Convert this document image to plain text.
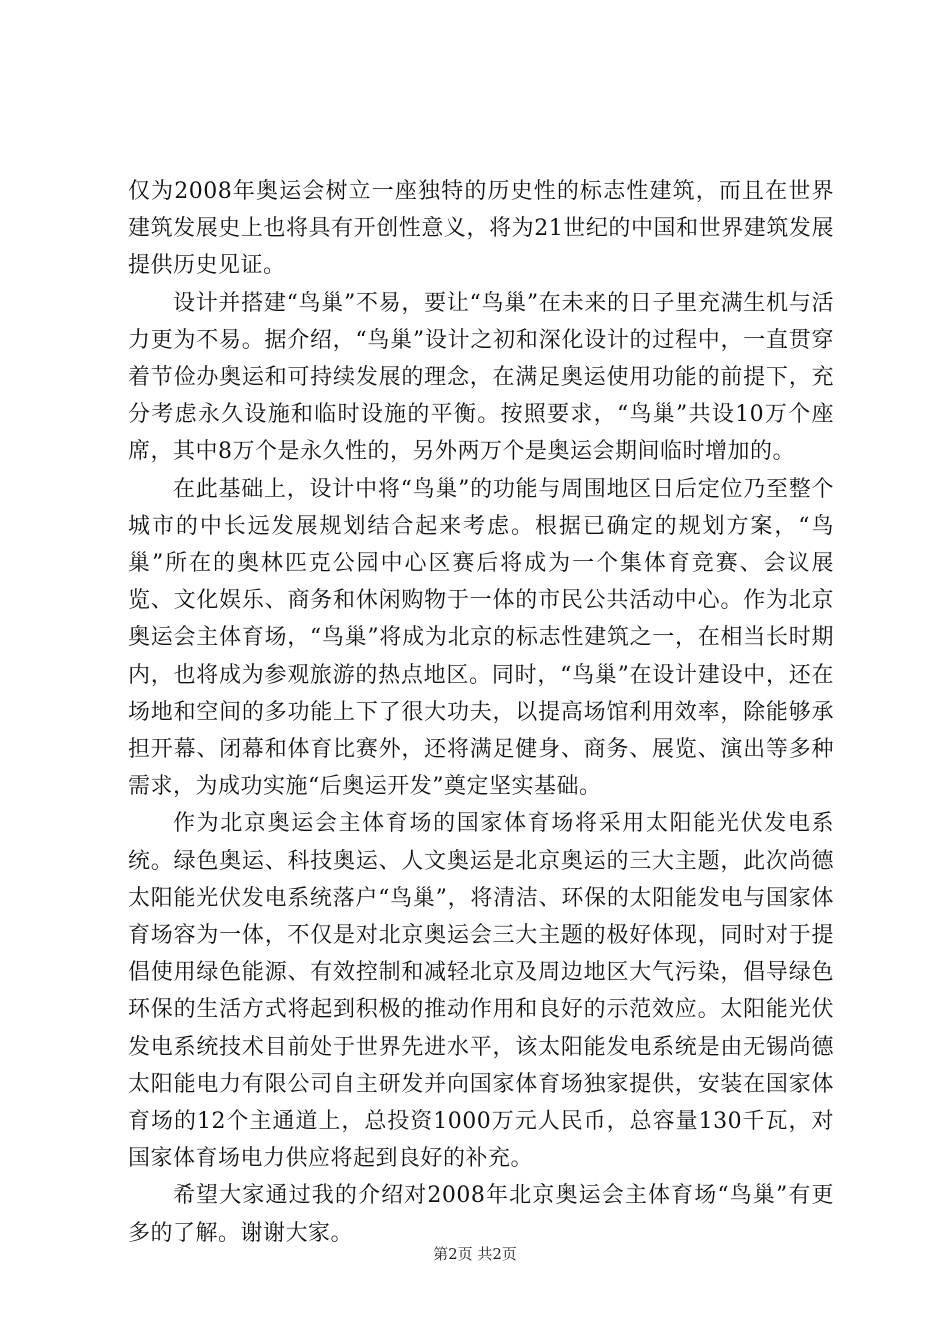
仅为2008年奥运会树立一座独特的历史性的标志性建筑，而且在世界建筑发展史上也将具有开创性意义，将为21世纪的中国和世界建筑发展提供历史见证。

设计并搭建“鸟巢”不易，要让“鸟巢”在未来的日子里充满生机与活力更为不易。据介绍，“鸟巢”设计之初和深化设计的过程中，一直贯穿着节俭办奥运和可持续发展的理念，在满足奥运使用功能的前提下，充分考虑永久设施和临时设施的平衡。按照要求，“鸟巢”共设10万个座席，其中8万个是永久性的，另外两万个是奥运会期间临时增加的。

在此基础上，设计中将“鸟巢”的功能与周围地区日后定位乃至整个城市的中长远发展规划结合起来考虑。根据已确定的规划方案，“鸟巢”所在的奥林匹克公园中心区赛后将成为一个集体育竞赛、会议展览、文化娱乐、商务和休闲购物于一体的市民公共活动中心。作为北京奥运会主体育场，“鸟巢”将成为北京的标志性建筑之一，在相当长时期内，也将成为参观旅游的热点地区。同时，“鸟巢”在设计建设中，还在场地和空间的多功能上下了很大功夫，以提高场馆利用效率，除能够承担开幕、闭幕和体育比赛外，还将满足健身、商务、展览、演出等多种需求，为成功实施“后奥运开发”奠定坚实基础。

作为北京奥运会主体育场的国家体育场将采用太阳能光伏发电系统。绿色奥运、科技奥运、人文奥运是北京奥运的三大主题，此次尚德太阳能光伏发电系统落户“鸟巢”，将清洁、环保的太阳能发电与国家体育场容为一体，不仅是对北京奥运会三大主题的极好体现，同时对于提倡使用绿色能源、有效控制和减轻北京及周边地区大气污染，倡导绿色环保的生活方式将起到积极的推动作用和良好的示范效应。太阳能光伏发电系统技术目前处于世界先进水平，该太阳能发电系统是由无锡尚德太阳能电力有限公司自主研发并向国家体育场独家提供，安装在国家体育场的12个主通道上，总投资1000万元人民币，总容量130千瓦，对国家体育场电力供应将起到良好的补充。

希望大家通过我的介绍对2008年北京奥运会主体育场“鸟巢”有更多的了解。谢谢大家。

第2页 共2页
